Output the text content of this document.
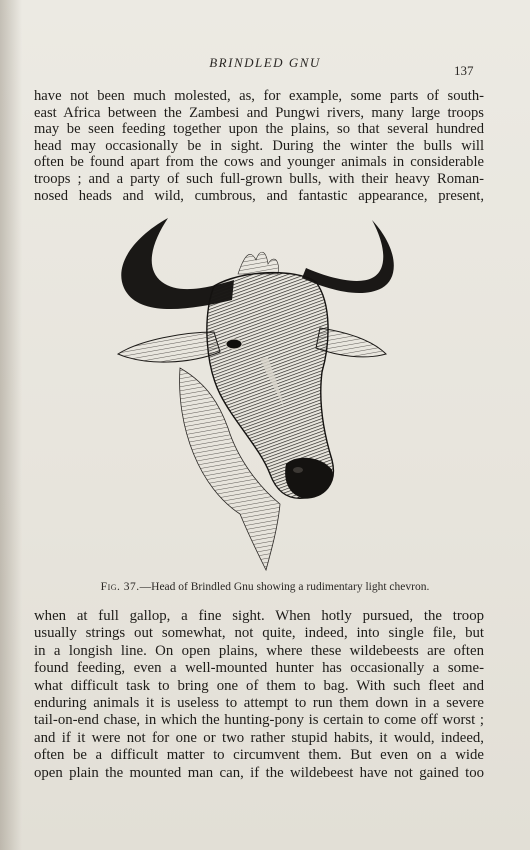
BRINDLED GNU
137
have not been much molested, as, for example, some parts of south-
east Africa between the Zambesi and Pungwi rivers, many large troops
may be seen feeding together upon the plains, so that several hundred
head may occasionally be in sight. During the winter the bulls will
often be found apart from the cows and younger animals in considerable
troops ; and a party of such full-grown bulls, with their heavy Roman-
nosed heads and wild, cumbrous, and fantastic appearance, present,
Fig. 37.—Head of Brindled Gnu showing a rudimentary light chevron.
when at full gallop, a fine sight. When hotly pursued, the troop
usually strings out somewhat, not quite, indeed, into single file, but
in a longish line. On open plains, where these wildebeests are often
found feeding, even a well-mounted hunter has occasionally a some-
what difficult task to bring one of them to bag. With such fleet and
enduring animals it is useless to attempt to run them down in a severe
tail-on-end chase, in which the hunting-pony is certain to come off worst ;
and if it were not for one or two rather stupid habits, it would, indeed,
often be a difficult matter to circumvent them. But even on a wide
open plain the mounted man can, if the wildebeest have not gained too
